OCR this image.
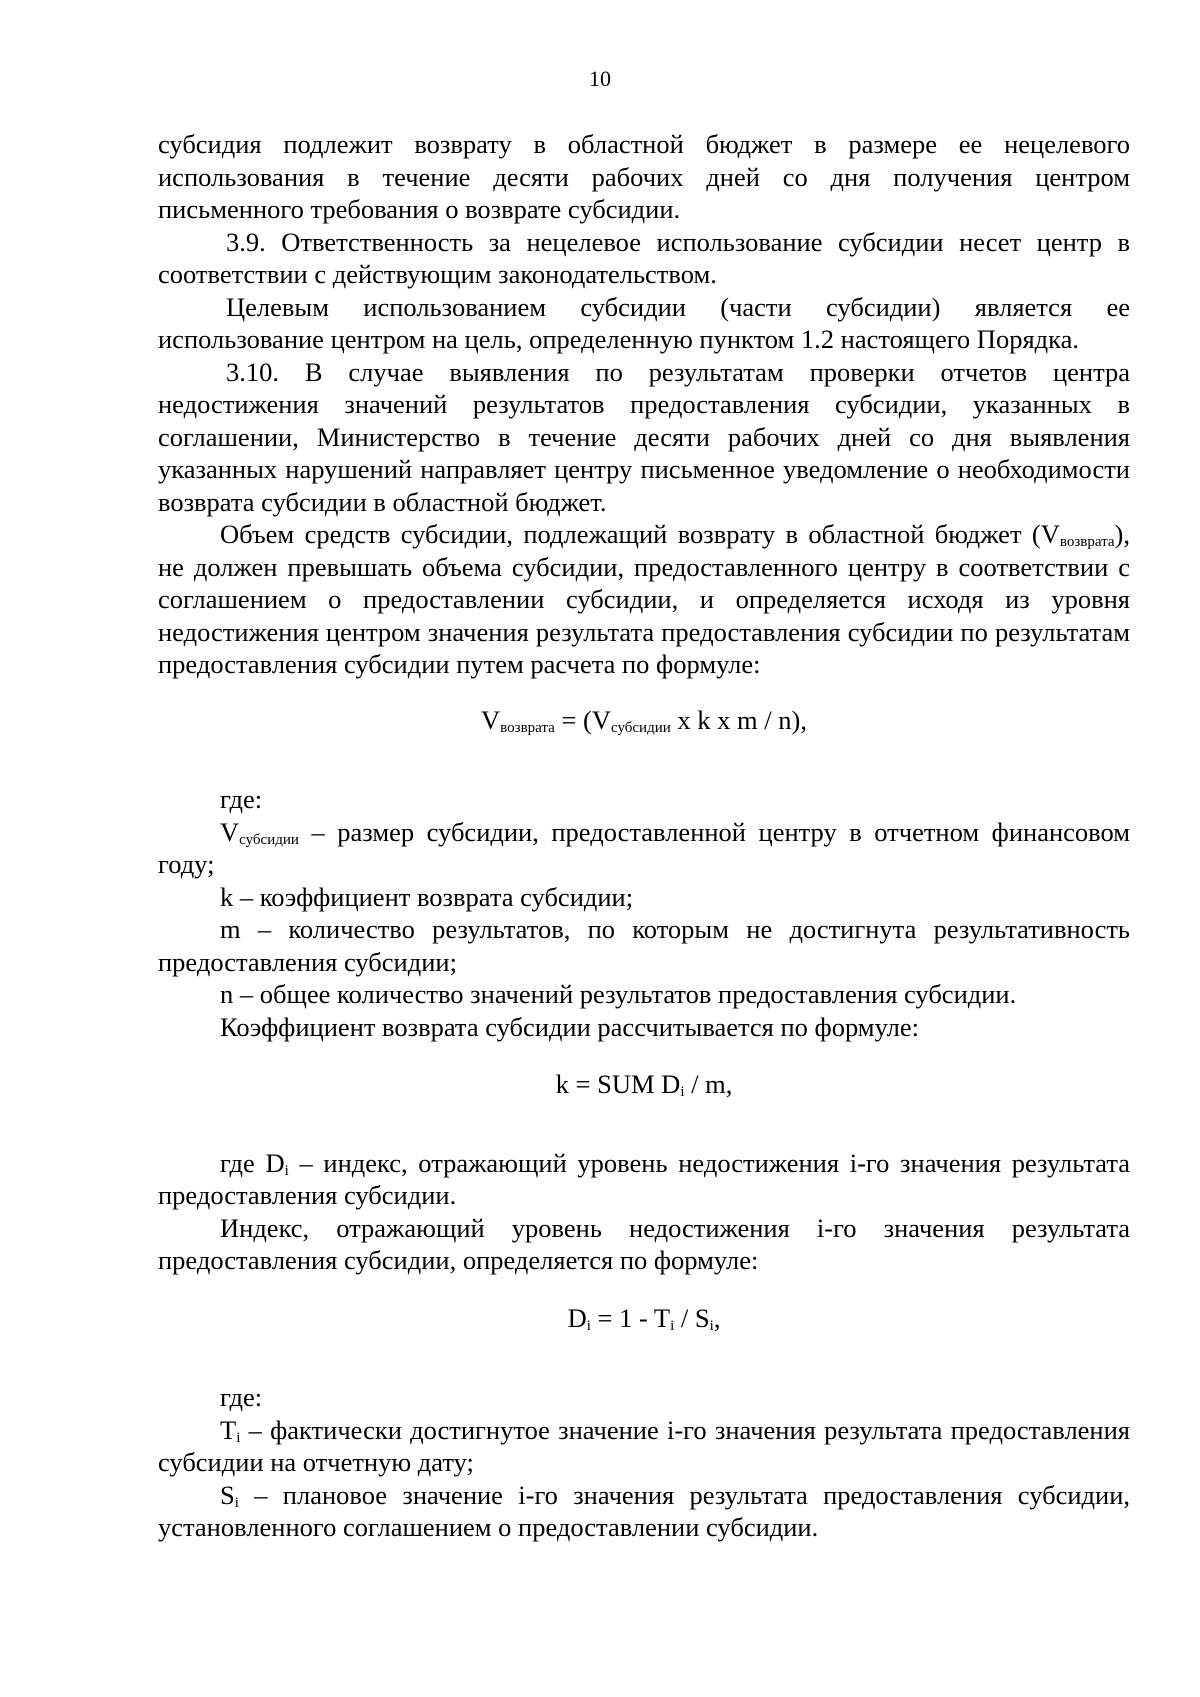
10

субсидия подлежит возврату в областной бюджет в размере ее нецелевого использования в течение десяти рабочих дней со дня получения центром письменного требования о возврате субсидии.

3.9. Ответственность за нецелевое использование субсидии несет центр в соответствии с действующим законодательством.

Целевым использованием субсидии (части субсидии) является ее использование центром на цель, определенную пунктом 1.2 настоящего Порядка.

3.10. В случае выявления по результатам проверки отчетов центра недостижения значений результатов предоставления субсидии, указанных в соглашении, Министерство в течение десяти рабочих дней со дня выявления указанных нарушений направляет центру письменное уведомление о необходимости возврата субсидии в областной бюджет.

Объем средств субсидии, подлежащий возврату в областной бюджет $(V_{возврата})$, не должен превышать объема субсидии, предоставленного центру в соответствии с соглашением о предоставлении субсидии, и определяется исходя из уровня недостижения центром значения результата предоставления субсидии по результатам предоставления субсидии путем расчета по формуле:

$V_{возврата} = (V_{субсидии}$ x k x m / n),

где:

$V_{субсидии}$ – размер субсидии, предоставленной центру в отчетном финансовом году;

k – коэффициент возврата субсидии;

m – количество результатов, по которым не достигнута результативность предоставления субсидии;

n – общее количество значений результатов предоставления субсидии.

Коэффициент возврата субсидии рассчитывается по формуле:

k = SUM $D_i$ / m,

где $D_i$ – индекс, отражающий уровень недостижения i-го значения результата предоставления субсидии.

Индекс, отражающий уровень недостижения i-го значения результата предоставления субсидии, определяется по формуле:

$D_i = 1 - T_i / S_i$,

где:

$T_i$ – фактически достигнутое значение i-го значения результата предоставления субсидии на отчетную дату;

$S_i$ – плановое значение i-го значения результата предоставления субсидии, установленного соглашением о предоставлении субсидии.
